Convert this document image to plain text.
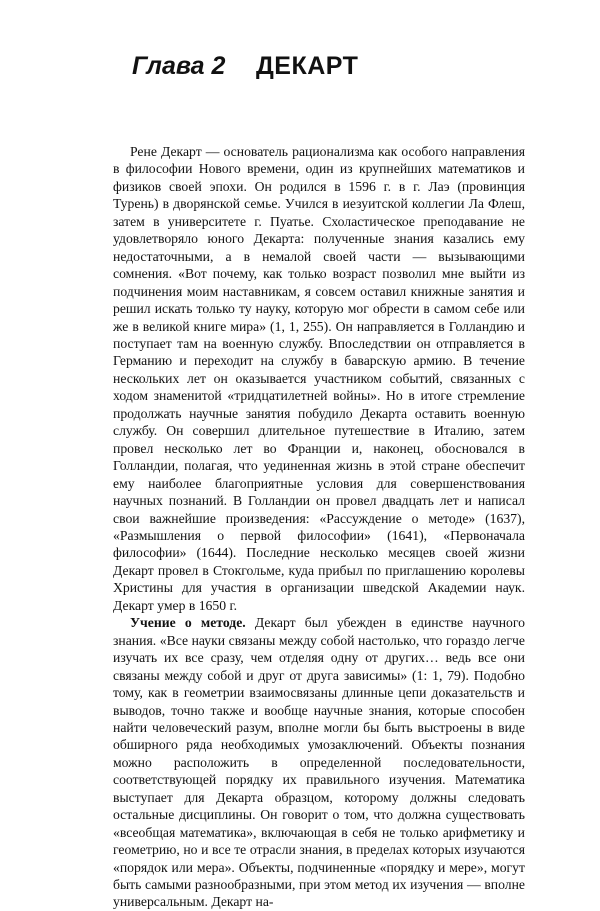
Глава 2 ДЕКАРТ

Рене Декарт — основатель рационализма как особого направления в философии Нового времени, один из крупнейших математиков и физиков своей эпохи. Он родился в 1596 г. в г. Лаэ (провинция Турень) в дворянской семье. Учился в иезуитской коллегии Ла Флеш, затем в университете г. Пуатье. Схоластическое преподавание не удовлетворяло юного Декарта: полученные знания казались ему недостаточными, а в немалой своей части — вызывающими сомнения. «Вот почему, как только возраст позволил мне выйти из подчинения моим наставникам, я совсем оставил книжные занятия и решил искать только ту науку, которую мог обрести в самом себе или же в великой книге мира» (1, 1, 255). Он направляется в Голландию и поступает там на военную службу. Впоследствии он отправляется в Германию и переходит на службу в баварскую армию. В течение нескольких лет он оказывается участником событий, связанных с ходом знаменитой «тридцатилетней войны». Но в итоге стремление продолжать научные занятия побудило Декарта оставить военную службу. Он совершил длительное путешествие в Италию, затем провел несколько лет во Франции и, наконец, обосновался в Голландии, полагая, что уединенная жизнь в этой стране обеспечит ему наиболее благоприятные условия для совершенствования научных познаний. В Голландии он провел двадцать лет и написал свои важнейшие произведения: «Рассуждение о методе» (1637), «Размышления о первой философии» (1641), «Первоначала философии» (1644). Последние несколько месяцев своей жизни Декарт провел в Стокгольме, куда прибыл по приглашению королевы Христины для участия в организации шведской Академии наук. Декарт умер в 1650 г.

Учение о методе. Декарт был убежден в единстве научного знания. «Все науки связаны между собой настолько, что гораздо легче изучать их все сразу, чем отделяя одну от других… ведь все они связаны между собой и друг от друга зависимы» (1: 1, 79). Подобно тому, как в геометрии взаимосвязаны длинные цепи доказательств и выводов, точно также и вообще научные знания, которые способен найти человеческий разум, вполне могли бы быть выстроены в виде обширного ряда необходимых умозаключений. Объекты познания можно расположить в определенной последовательности, соответствующей порядку их правильного изучения. Математика выступает для Декарта образцом, которому должны следовать остальные дисциплины. Он говорит о том, что должна существовать «всеобщая математика», включающая в себя не только арифметику и геометрию, но и все те отрасли знания, в пределах которых изучаются «порядок или мера». Объекты, подчиненные «порядку и мере», могут быть самыми разнообразными, при этом метод их изучения — вполне универсальным. Декарт на-
